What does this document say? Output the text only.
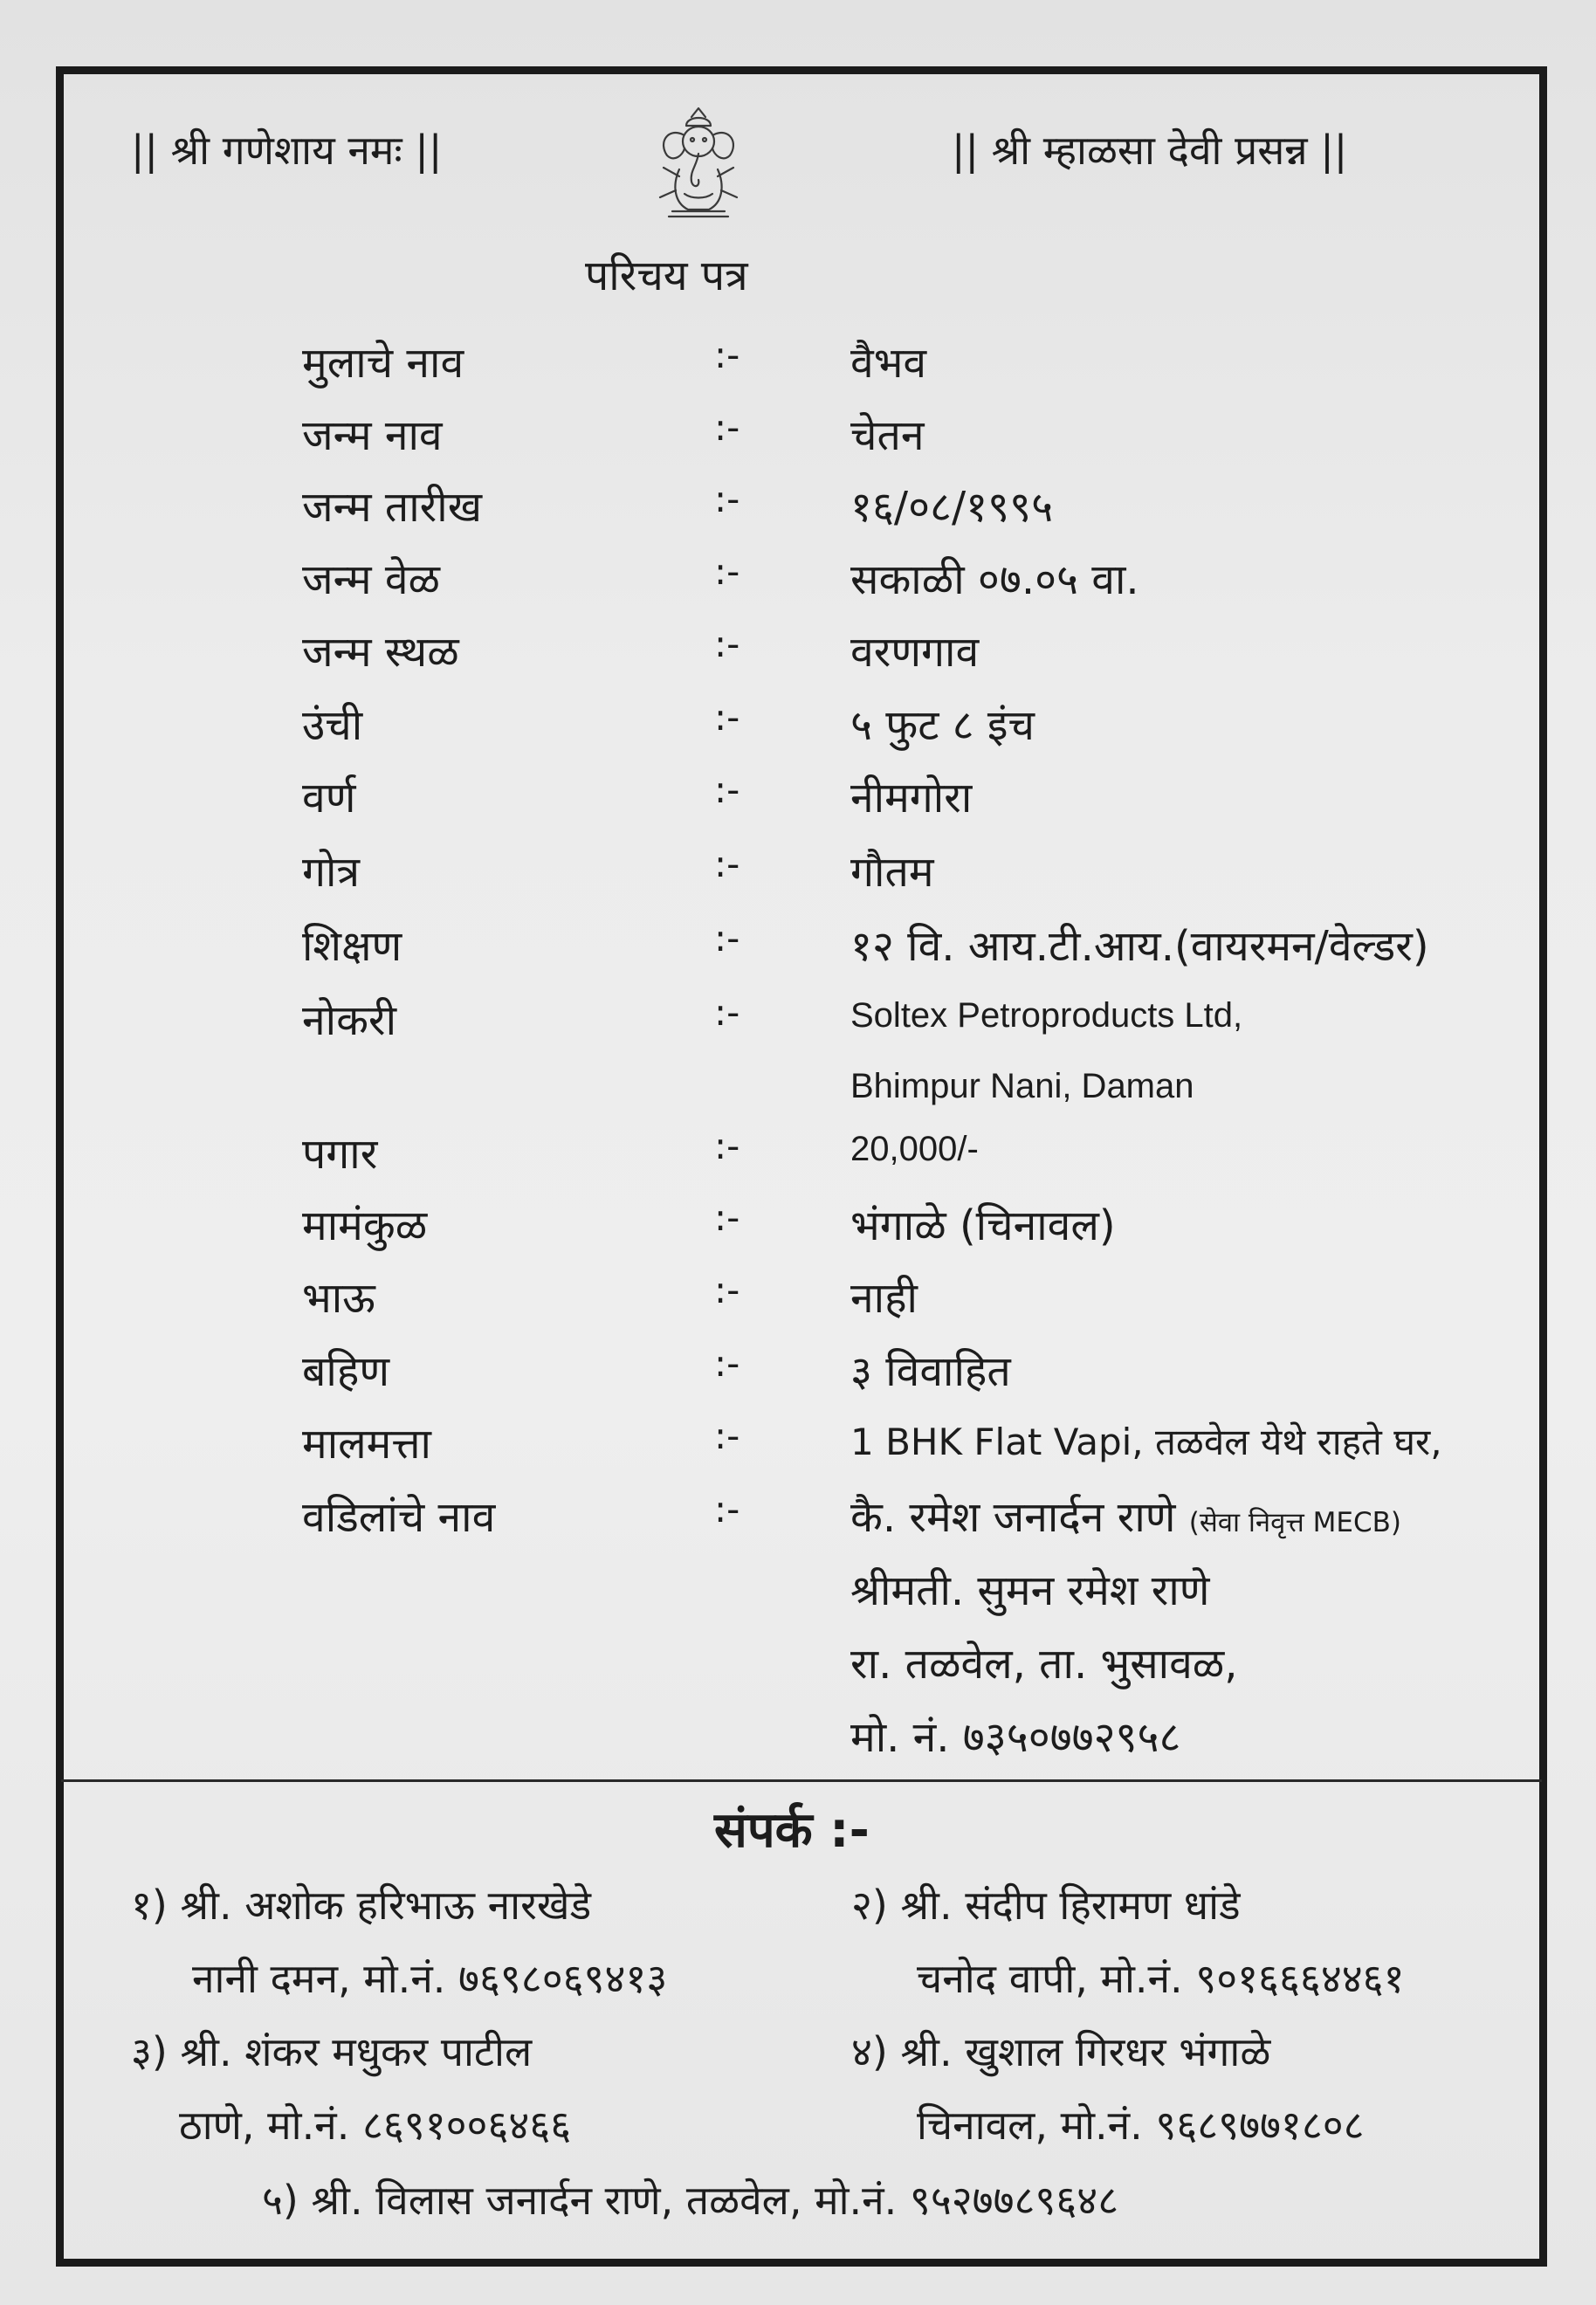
|| श्री गणेशाय नमः ||	|| श्री म्हाळसा देवी प्रसन्न ||
परिचय पत्र
मुलाचे नाव	:-	वैभव
जन्म नाव	:-	चेतन
जन्म तारीख	:-	१६/०८/१९९५
जन्म वेळ	:-	सकाळी ०७.०५ वा.
जन्म स्थळ	:-	वरणगाव
उंची	:-	५ फुट ८ इंच
वर्ण	:-	नीमगोरा
गोत्र	:-	गौतम
शिक्षण	:-	१२ वि. आय.टी.आय.(वायरमन/वेल्डर)
नोकरी	:-	Soltex Petroproducts Ltd,
Bhimpur Nani, Daman
पगार	:-	20,000/-
मामंकुळ	:-	भंगाळे (चिनावल)
भाऊ	:-	नाही
बहिण	:-	३ विवाहित
मालमत्ता	:-	1 BHK Flat Vapi, तळवेल येथे राहते घर,
वडिलांचे नाव	:-	कै. रमेश जनार्दन राणे (सेवा निवृत्त MECB)
श्रीमती. सुमन रमेश राणे
रा. तळवेल, ता. भुसावळ,
मो. नं. ७३५०७७२९५८
संपर्क :-
१) श्री. अशोक हरिभाऊ नारखेडे
नानी दमन, मो.नं. ७६९८०६९४१३
२) श्री. संदीप हिरामण धांडे
चनोद वापी, मो.नं. ९०१६६६४४६१
३) श्री. शंकर मधुकर पाटील
ठाणे, मो.नं. ८६९१००६४६६
४) श्री. खुशाल गिरधर भंगाळे
चिनावल, मो.नं. ९६८९७७१८०८
५) श्री. विलास जनार्दन राणे, तळवेल, मो.नं. ९५२७७८९६४८
